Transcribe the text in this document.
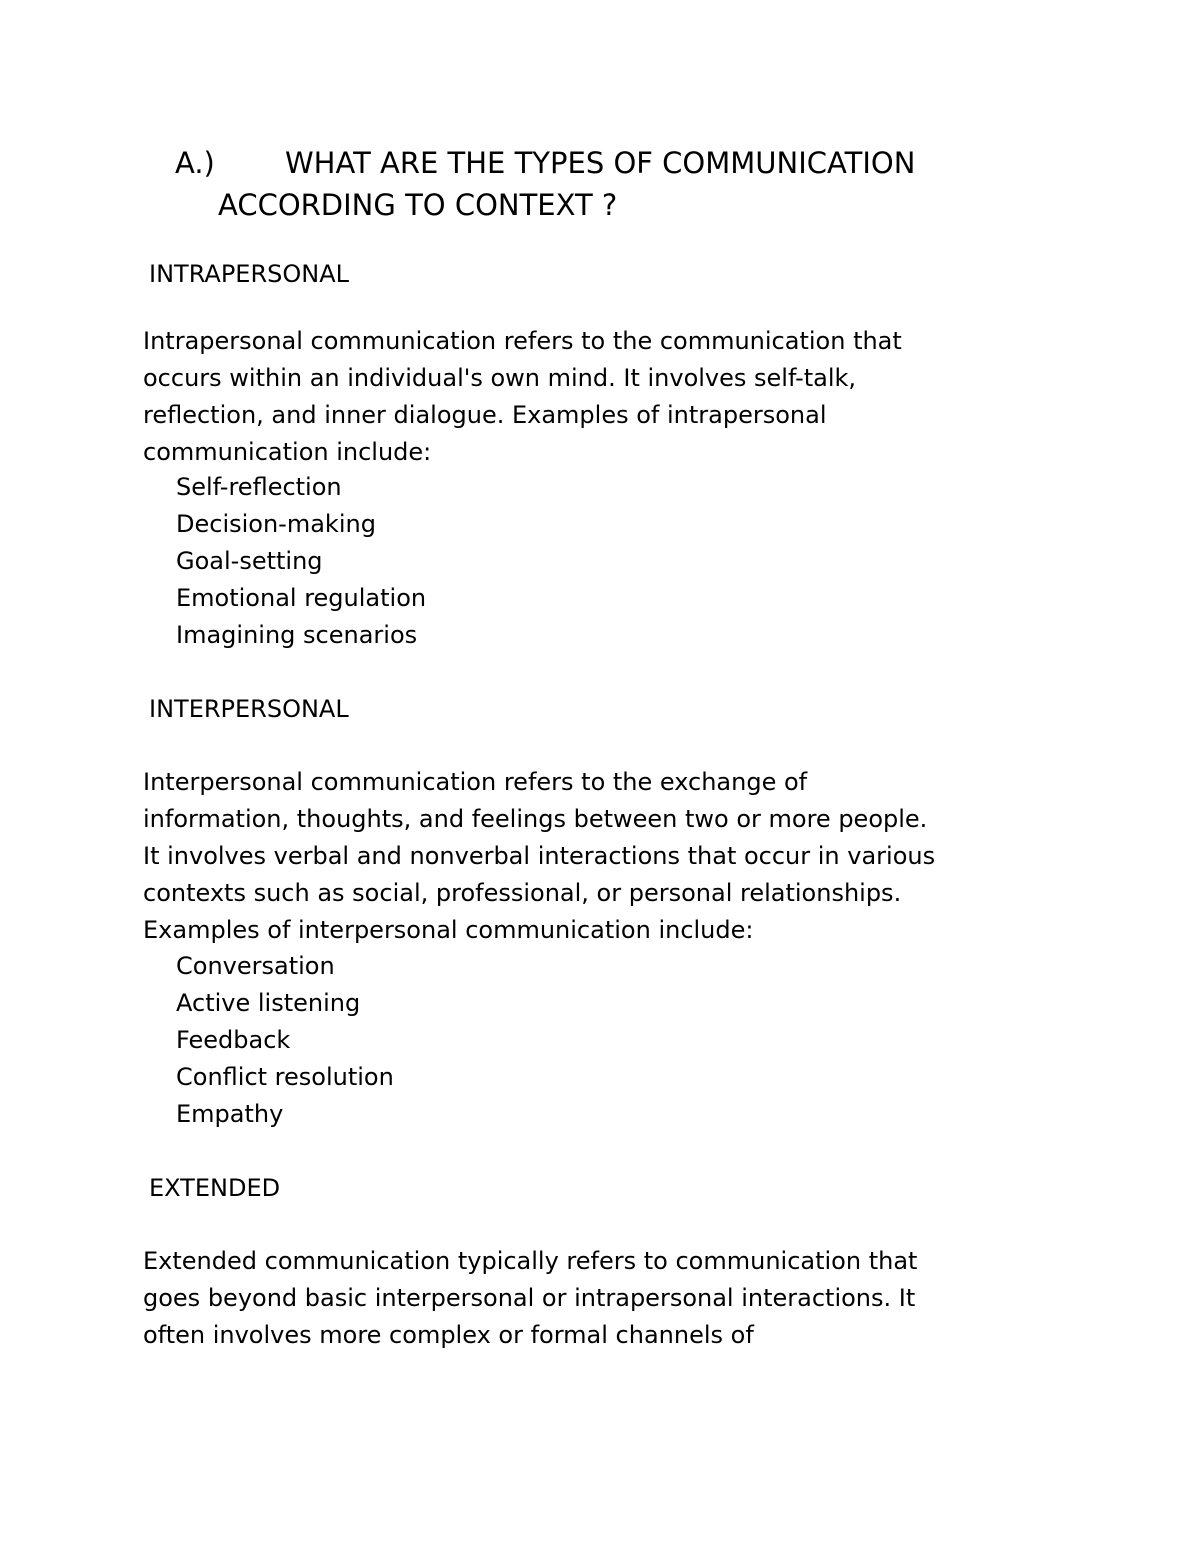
A.) WHAT ARE THE TYPES OF COMMUNICATION
ACCORDING TO CONTEXT ?
INTRAPERSONAL
Intrapersonal communication refers to the communication that
occurs within an individual's own mind. It involves self-talk,
reflection, and inner dialogue. Examples of intrapersonal
communication include:
Self-reflection
Decision-making
Goal-setting
Emotional regulation
Imagining scenarios
INTERPERSONAL
Interpersonal communication refers to the exchange of
information, thoughts, and feelings between two or more people.
It involves verbal and nonverbal interactions that occur in various
contexts such as social, professional, or personal relationships.
Examples of interpersonal communication include:
Conversation
Active listening
Feedback
Conflict resolution
Empathy
EXTENDED
Extended communication typically refers to communication that
goes beyond basic interpersonal or intrapersonal interactions. It
often involves more complex or formal channels of
